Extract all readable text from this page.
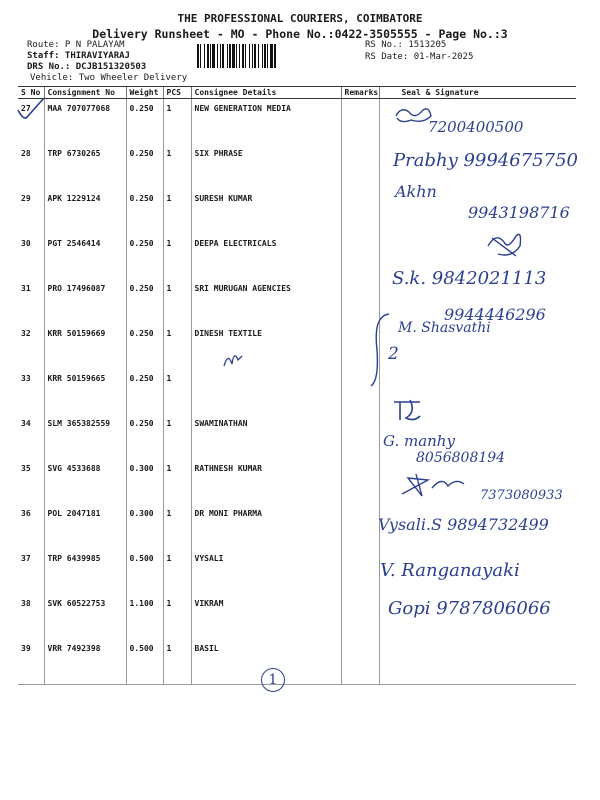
THE PROFESSIONAL COURIERS, COIMBATORE
Delivery Runsheet - MO - Phone No.:0422-3505555 - Page No.:3
Route: P N PALAYAM
Staff: THIRAVIYARAJ
DRS No.: DCJB151320503
Vehicle: Two Wheeler Delivery
RS No.: 1513205
RS Date: 01-Mar-2025
S No	Consignment No	Weight	PCS	Consignee Details	Remarks	Seal & Signature
27	MAA 707077068	0.250	1	NEW GENERATION MEDIA		
28	TRP 6730265	0.250	1	SIX PHRASE		
29	APK 1229124	0.250	1	SURESH KUMAR		
30	PGT 2546414	0.250	1	DEEPA ELECTRICALS		
31	PRO 17496087	0.250	1	SRI MURUGAN AGENCIES		
32	KRR 50159669	0.250	1	DINESH TEXTILE		
33	KRR 50159665	0.250	1			
34	SLM 365382559	0.250	1	SWAMINATHAN		
35	SVG 4533688	0.300	1	RATHNESH KUMAR		
36	POL 2047181	0.300	1	DR MONI PHARMA		
37	TRP 6439985	0.500	1	VYSALI		
38	SVK 60522753	1.100	1	VIKRAM		
39	VRR 7492398	0.500	1	BASIL		
7200400500
Prabhy 9994675750
Akhn
9943198716
S.k. 9842021113
9944446296
M. Shasvathi
2
G. manhy
8056808194
7373080933
Vysali.S 9894732499
V. Ranganayaki
Gopi 9787806066
1
